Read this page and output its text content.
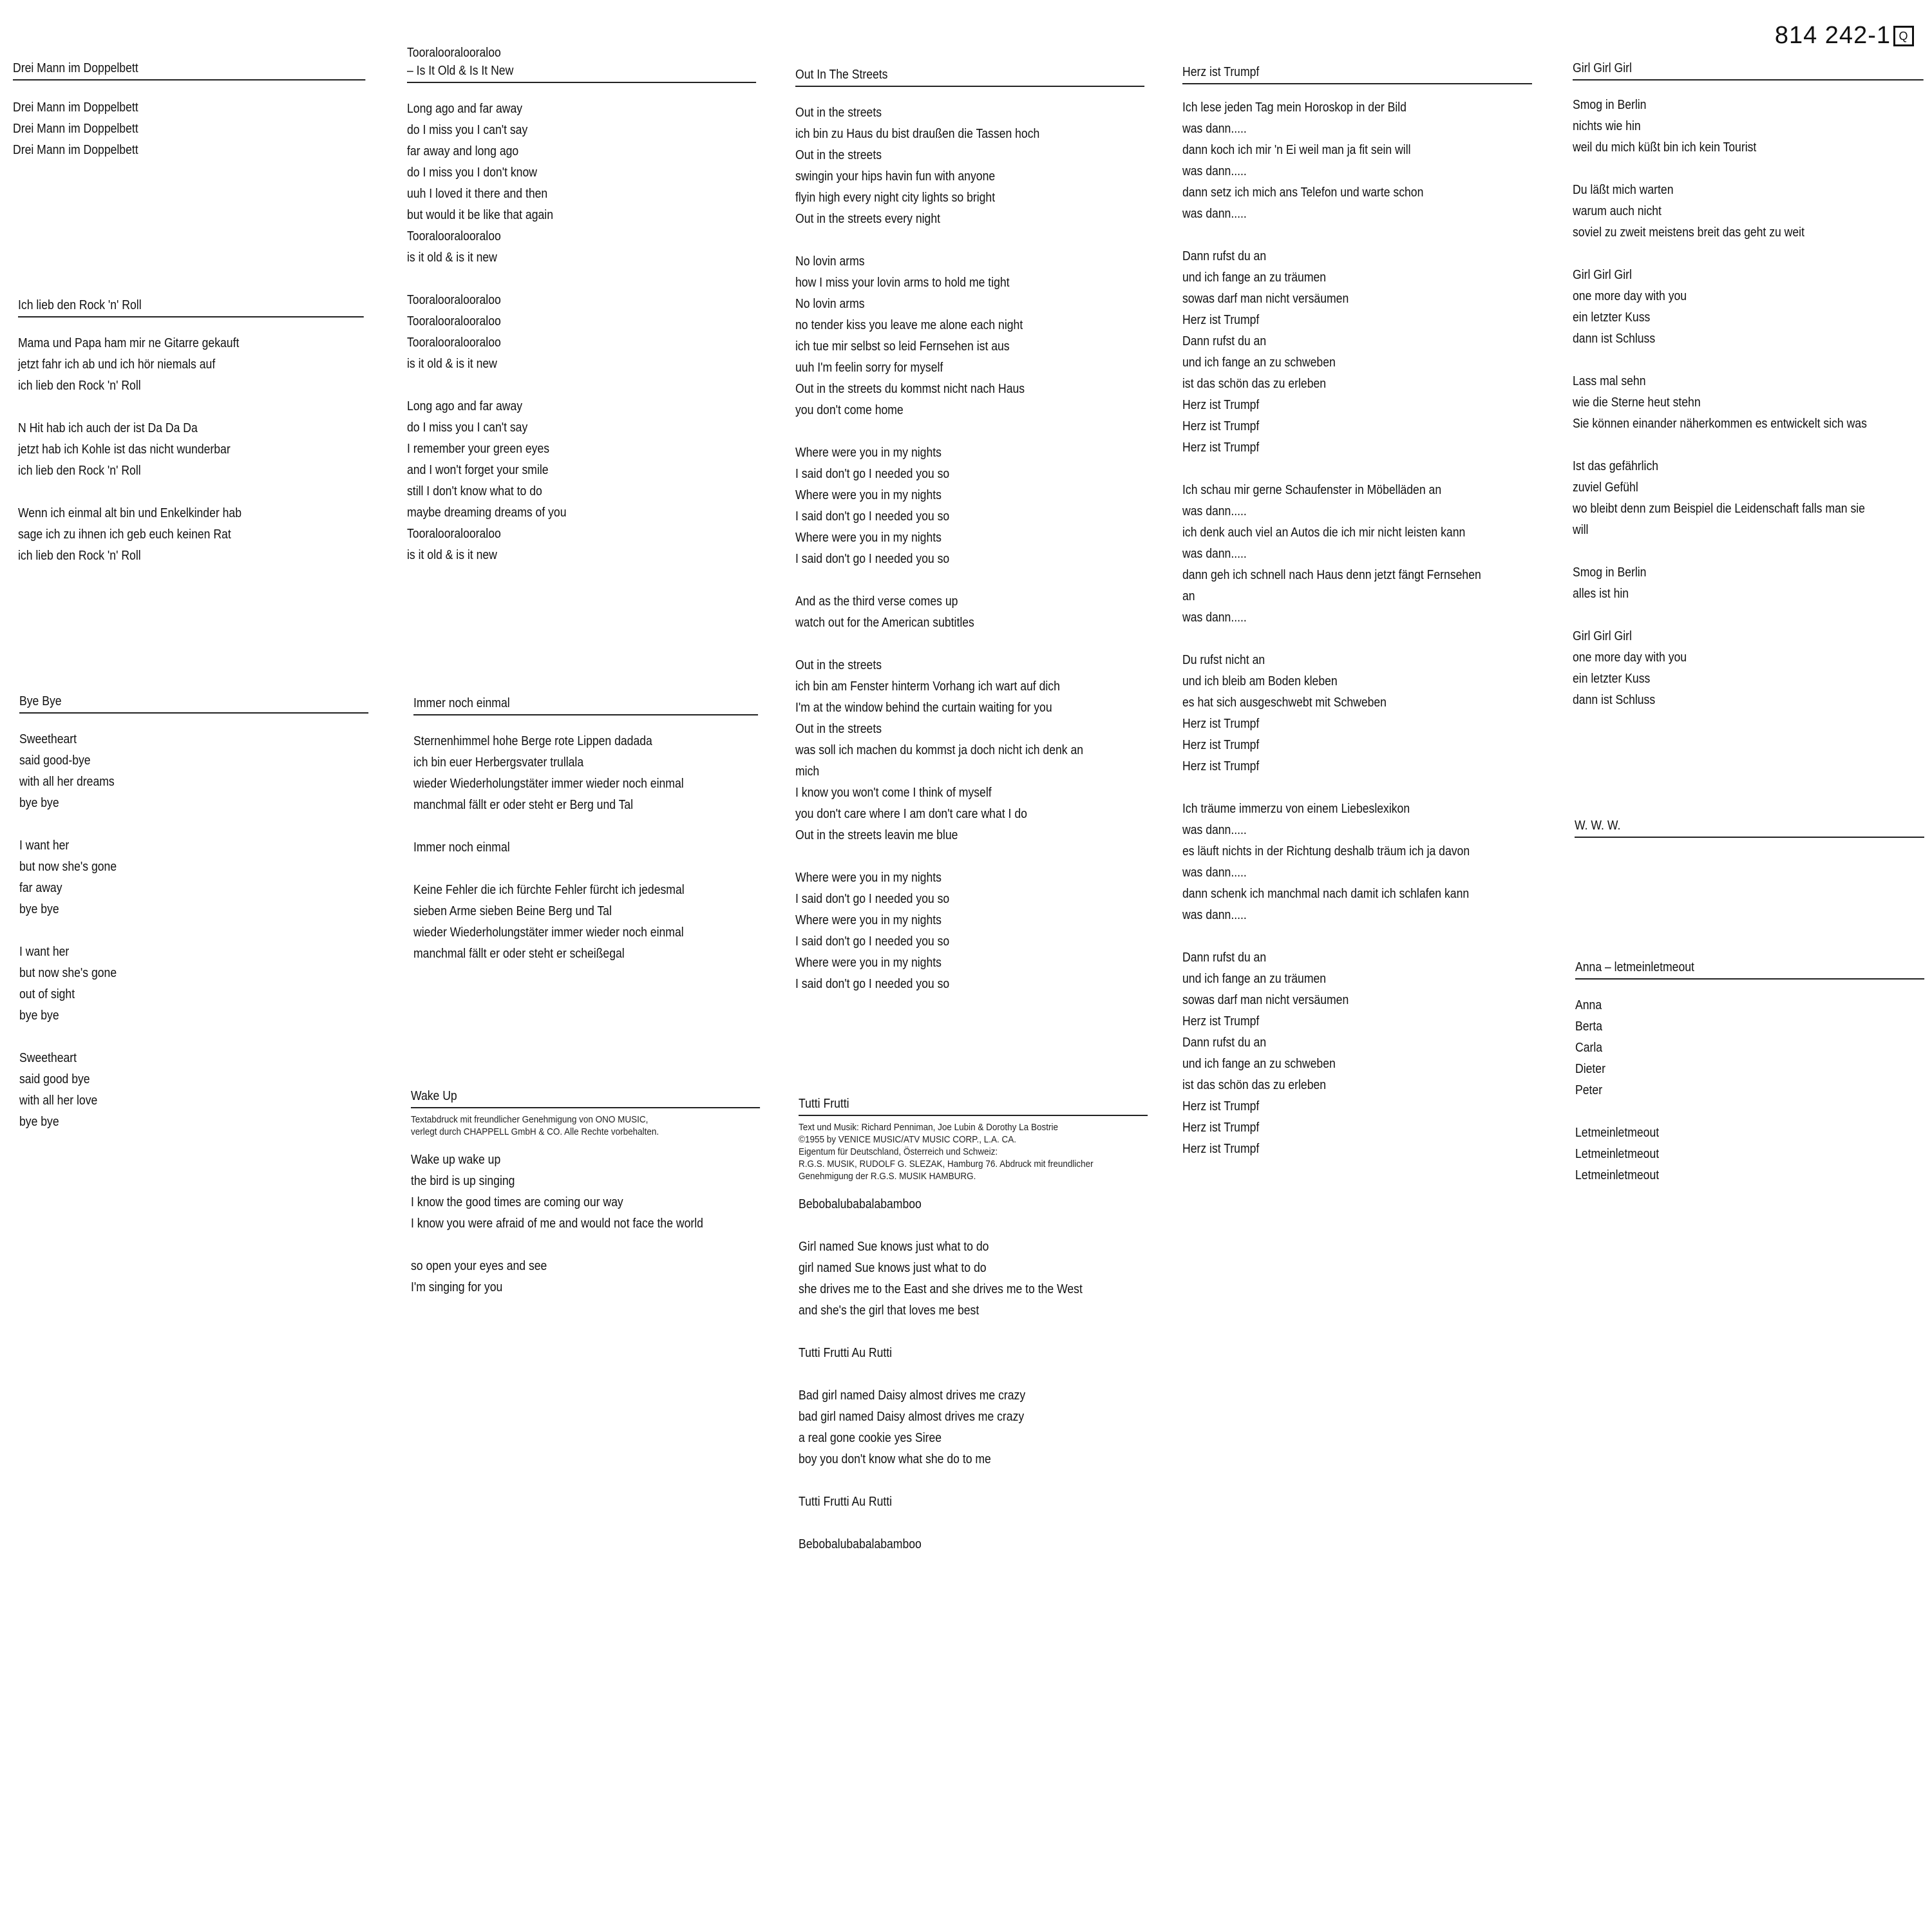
814 242-1 Q
Drei Mann im Doppelbett
Drei Mann im Doppelbett
Drei Mann im Doppelbett
Drei Mann im Doppelbett
Ich lieb den Rock 'n' Roll
Mama und Papa ham mir ne Gitarre gekauft
jetzt fahr ich ab und ich hör niemals auf
ich lieb den Rock 'n' Roll

N Hit hab ich auch der ist Da Da Da
jetzt hab ich Kohle ist das nicht wunderbar
ich lieb den Rock 'n' Roll

Wenn ich einmal alt bin und Enkelkinder hab
sage ich zu ihnen ich geb euch keinen Rat
ich lieb den Rock 'n' Roll
Bye Bye
Sweetheart
said good-bye
with all her dreams
bye bye

I want her
but now she's gone
far away
bye bye

I want her
but now she's gone
out of sight
bye bye

Sweetheart
said good bye
with all her love
bye bye
Tooralooralooraloo
– Is It Old & Is It New
Long ago and far away
do I miss you I can't say
far away and long ago
do I miss you I don't know
uuh I loved it there and then
but would it be like that again
Tooralooralooraloo
is it old & is it new

Tooralooralooraloo
Tooralooralooraloo
Tooralooralooraloo
is it old & is it new

Long ago and far away
do I miss you I can't say
I remember your green eyes
and I won't forget your smile
still I don't know what to do
maybe dreaming dreams of you
Tooralooralooraloo
is it old & is it new
Immer noch einmal
Sternenhimmel hohe Berge rote Lippen dadada
ich bin euer Herbergsvater trullala
wieder Wiederholungstäter immer wieder noch einmal
manchmal fällt er oder steht er Berg und Tal

Immer noch einmal

Keine Fehler die ich fürchte Fehler fürcht ich jedesmal
sieben Arme sieben Beine Berg und Tal
wieder Wiederholungstäter immer wieder noch einmal
manchmal fällt er oder steht er scheißegal
Wake Up
Textabdruck mit freundlicher Genehmigung von ONO MUSIC,
verlegt durch CHAPPELL GmbH & CO. Alle Rechte vorbehalten.
Wake up wake up
the bird is up singing
I know the good times are coming our way
I know you were afraid of me and would not face the world

so open your eyes and see
I'm singing for you
Out In The Streets
Out in the streets
ich bin zu Haus du bist draußen die Tassen hoch
Out in the streets
swingin your hips havin fun with anyone
flyin high every night city lights so bright
Out in the streets every night

No lovin arms
how I miss your lovin arms to hold me tight
No lovin arms
no tender kiss you leave me alone each night
ich tue mir selbst so leid Fernsehen ist aus
uuh I'm feelin sorry for myself
Out in the streets du kommst nicht nach Haus
you don't come home

Where were you in my nights
I said don't go I needed you so
Where were you in my nights
I said don't go I needed you so
Where were you in my nights
I said don't go I needed you so

And as the third verse comes up
watch out for the American subtitles

Out in the streets
ich bin am Fenster hinterm Vorhang ich wart auf dich
I'm at the window behind the curtain waiting for you
Out in the streets
was soll ich machen du kommst ja doch nicht ich denk an mich
I know you won't come I think of myself
you don't care where I am don't care what I do
Out in the streets leavin me blue

Where were you in my nights
I said don't go I needed you so
Where were you in my nights
I said don't go I needed you so
Where were you in my nights
I said don't go I needed you so
Tutti Frutti
Text und Musik: Richard Penniman, Joe Lubin & Dorothy La Bostrie
©1955 by VENICE MUSIC/ATV MUSIC CORP., L.A. CA.
Eigentum für Deutschland, Österreich und Schweiz:
R.G.S. MUSIK, RUDOLF G. SLEZAK, Hamburg 76. Abdruck mit freundlicher
Genehmigung der R.G.S. MUSIK HAMBURG.
Bebobalubabalabamboo

Girl named Sue knows just what to do
girl named Sue knows just what to do
she drives me to the East and she drives me to the West
and she's the girl that loves me best

Tutti Frutti Au Rutti

Bad girl named Daisy almost drives me crazy
bad girl named Daisy almost drives me crazy
a real gone cookie yes Siree
boy you don't know what she do to me

Tutti Frutti Au Rutti

Bebobalubabalabamboo
Herz ist Trumpf
Ich lese jeden Tag mein Horoskop in der Bild
was dann.....
dann koch ich mir 'n Ei weil man ja fit sein will
was dann.....
dann setz ich mich ans Telefon und warte schon
was dann.....

Dann rufst du an
und ich fange an zu träumen
sowas darf man nicht versäumen
Herz ist Trumpf
Dann rufst du an
und ich fange an zu schweben
ist das schön das zu erleben
Herz ist Trumpf
Herz ist Trumpf
Herz ist Trumpf

Ich schau mir gerne Schaufenster in Möbelläden an
was dann.....
ich denk auch viel an Autos die ich mir nicht leisten kann
was dann.....
dann geh ich schnell nach Haus denn jetzt fängt Fernsehen an
was dann.....

Du rufst nicht an
und ich bleib am Boden kleben
es hat sich ausgeschwebt mit Schweben
Herz ist Trumpf
Herz ist Trumpf
Herz ist Trumpf

Ich träume immerzu von einem Liebeslexikon
was dann.....
es läuft nichts in der Richtung deshalb träum ich ja davon
was dann.....
dann schenk ich manchmal nach damit ich schlafen kann
was dann.....

Dann rufst du an
und ich fange an zu träumen
sowas darf man nicht versäumen
Herz ist Trumpf
Dann rufst du an
und ich fange an zu schweben
ist das schön das zu erleben
Herz ist Trumpf
Herz ist Trumpf
Herz ist Trumpf
Girl Girl Girl
Smog in Berlin
nichts wie hin
weil du mich küßt bin ich kein Tourist

Du läßt mich warten
warum auch nicht
soviel zu zweit meistens breit das geht zu weit

Girl Girl Girl
one more day with you
ein letzter Kuss
dann ist Schluss

Lass mal sehn
wie die Sterne heut stehn
Sie können einander näherkommen es entwickelt sich was

Ist das gefährlich
zuviel Gefühl
wo bleibt denn zum Beispiel die Leidenschaft falls man sie will

Smog in Berlin
alles ist hin

Girl Girl Girl
one more day with you
ein letzter Kuss
dann ist Schluss
W. W. W.
Anna – letmeinletmeout
Anna
Berta
Carla
Dieter
Peter

Letmeinletmeout
Letmeinletmeout
Letmeinletmeout
